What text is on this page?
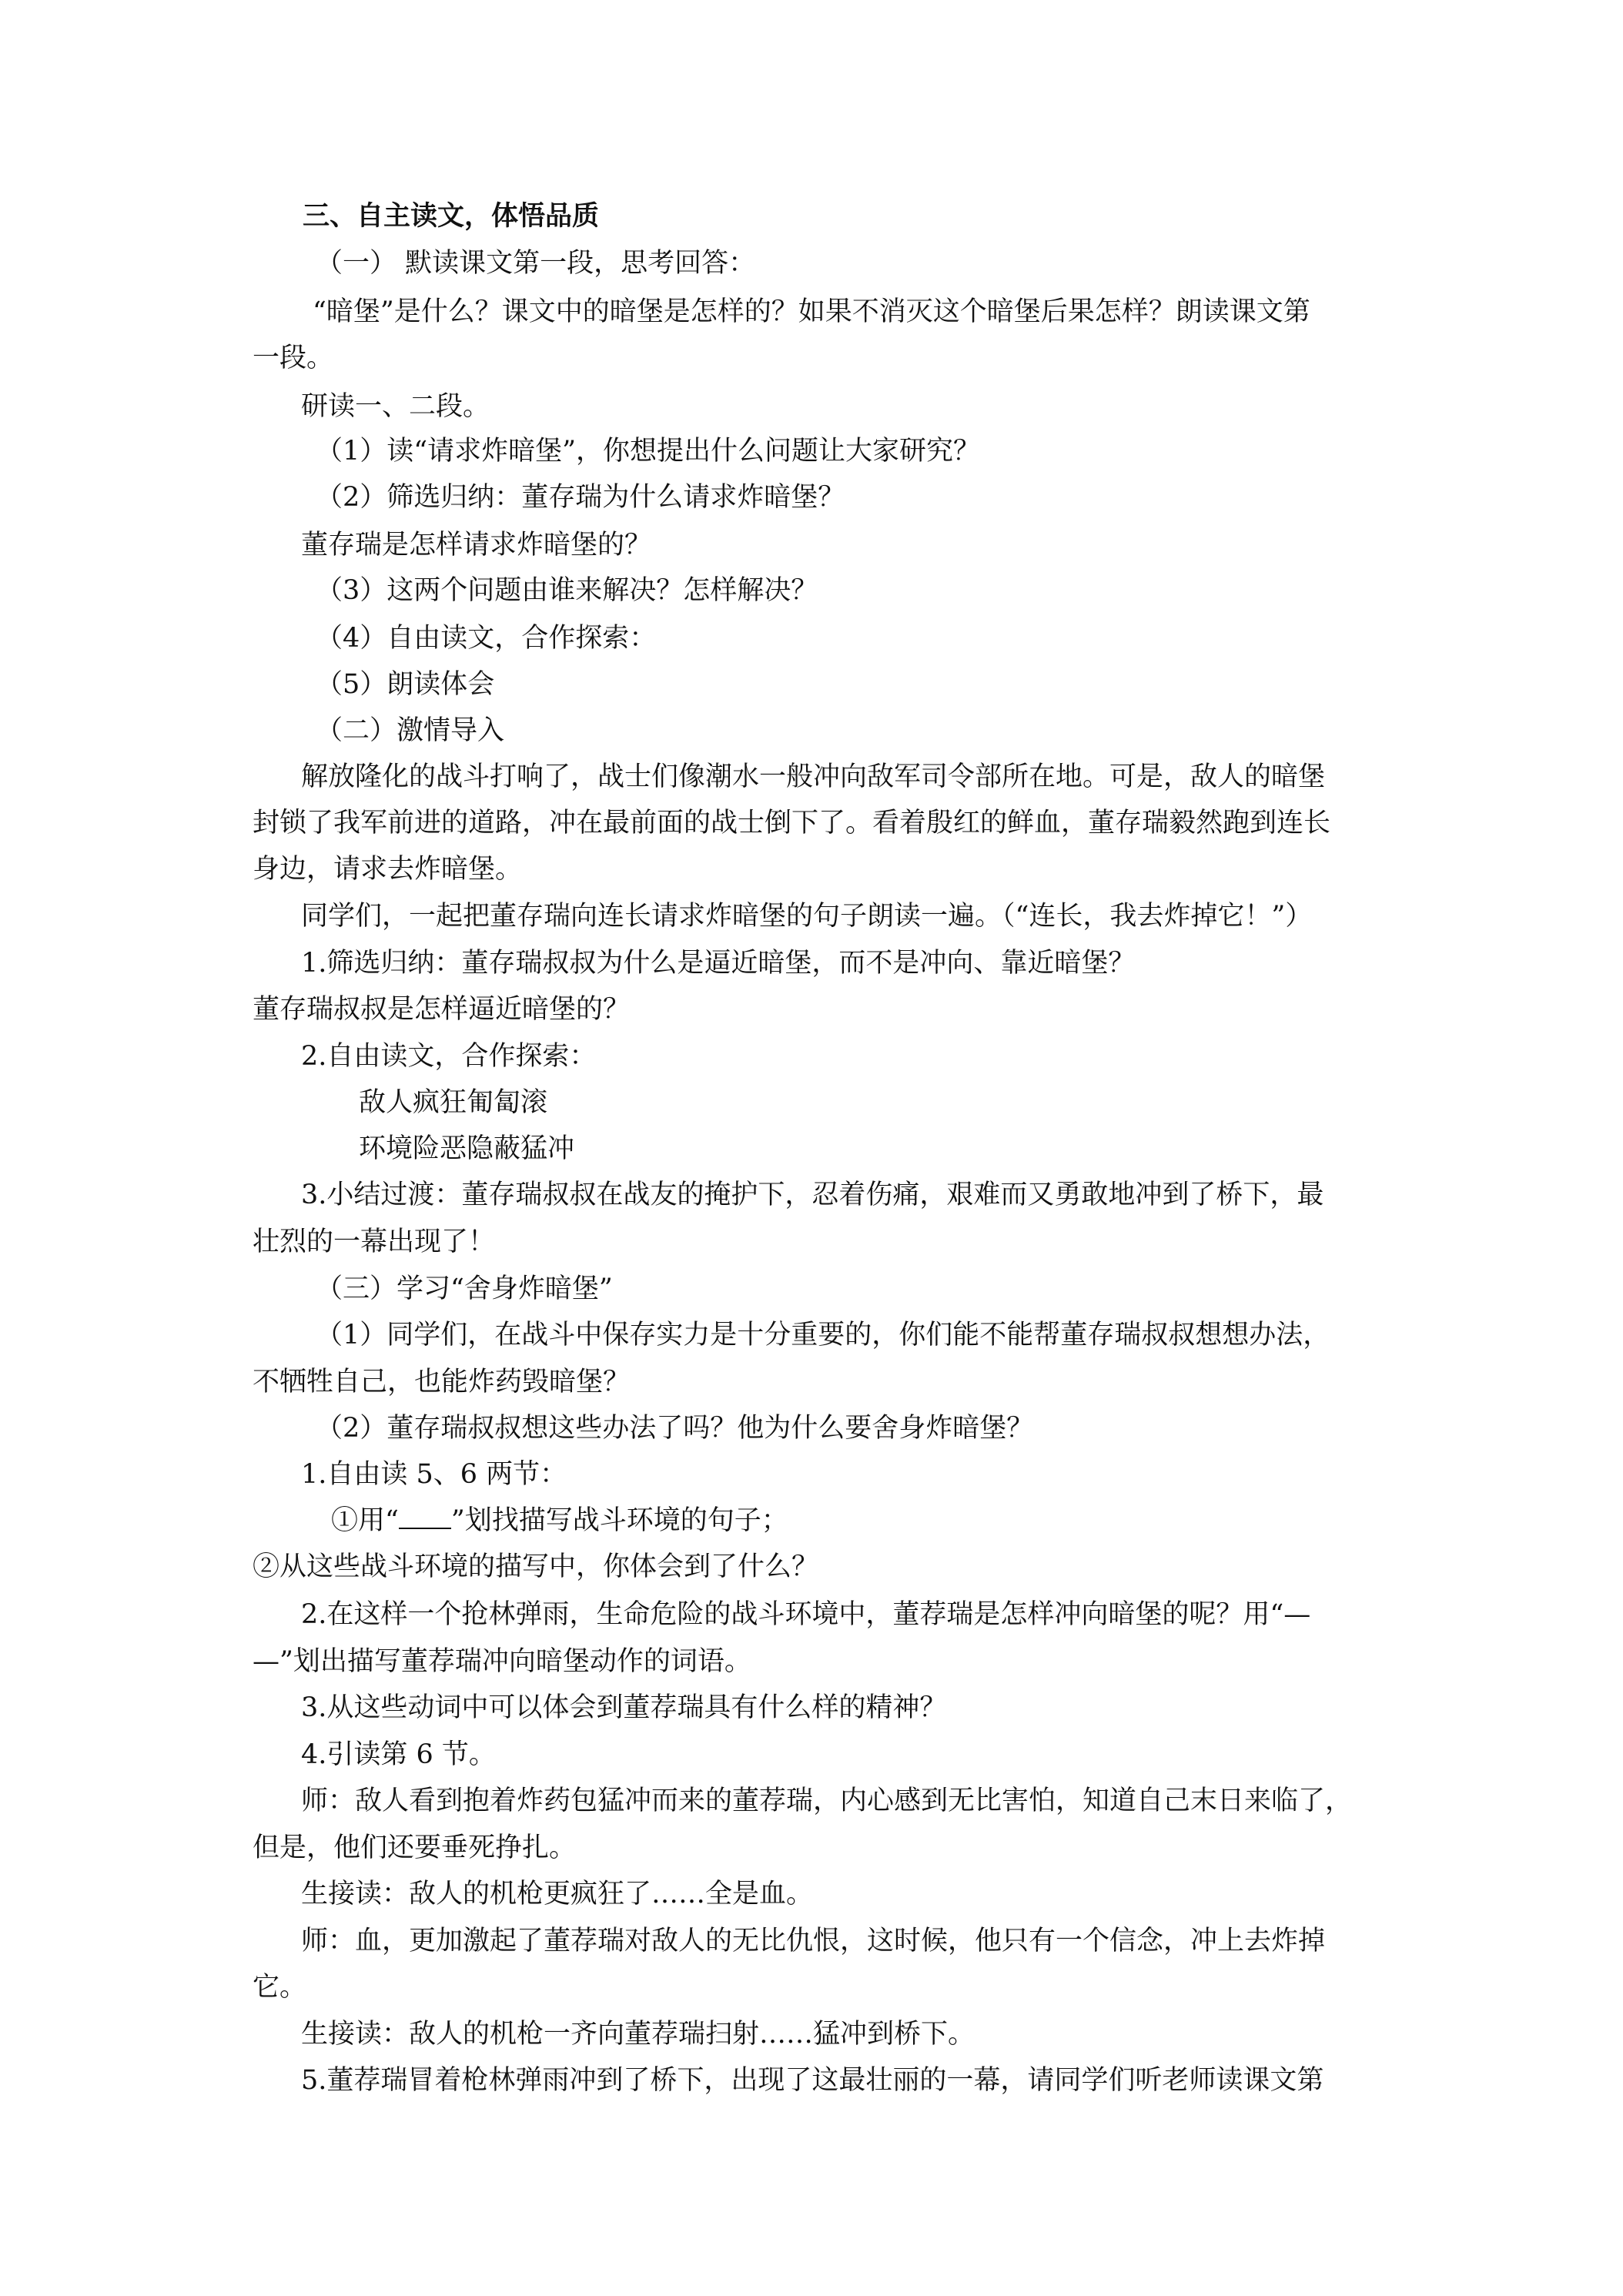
三、自主读文，体悟品质

（一） 默读课文第一段，思考回答：

“暗堡”是什么？课文中的暗堡是怎样的？如果不消灭这个暗堡后果怎样？朗读课文第

一段。

研读一、二段。

（1）读“请求炸暗堡”，你想提出什么问题让大家研究？

（2）筛选归纳：董存瑞为什么请求炸暗堡？

董存瑞是怎样请求炸暗堡的？

（3）这两个问题由谁来解决？怎样解决？

（4）自由读文，合作探索：

（5）朗读体会

（二）激情导入

解放隆化的战斗打响了，战士们像潮水一般冲向敌军司令部所在地。可是，敌人的暗堡

封锁了我军前进的道路，冲在最前面的战士倒下了。看着殷红的鲜血，董存瑞毅然跑到连长

身边，请求去炸暗堡。

同学们，一起把董存瑞向连长请求炸暗堡的句子朗读一遍。（“连长，我去炸掉它！”）

1.筛选归纳：董存瑞叔叔为什么是逼近暗堡，而不是冲向、靠近暗堡？

董存瑞叔叔是怎样逼近暗堡的？

2.自由读文，合作探索：

敌人疯狂匍匐滚

环境险恶隐蔽猛冲

3.小结过渡：董存瑞叔叔在战友的掩护下，忍着伤痛，艰难而又勇敢地冲到了桥下，最

壮烈的一幕出现了！

（三）学习“舍身炸暗堡”

（1）同学们，在战斗中保存实力是十分重要的，你们能不能帮董存瑞叔叔想想办法，

不牺牲自己，也能炸药毁暗堡？

（2）董存瑞叔叔想这些办法了吗？他为什么要舍身炸暗堡？

1.自由读 5、6 两节：

①用“ ”划找描写战斗环境的句子；

②从这些战斗环境的描写中，你体会到了什么？

2.在这样一个抢林弹雨，生命危险的战斗环境中，董荐瑞是怎样冲向暗堡的呢？用“—

—”划出描写董荐瑞冲向暗堡动作的词语。

3.从这些动词中可以体会到董荐瑞具有什么样的精神？

4.引读第 6 节。

师：敌人看到抱着炸药包猛冲而来的董荐瑞，内心感到无比害怕，知道自己末日来临了，

但是，他们还要垂死挣扎。

生接读：敌人的机枪更疯狂了……全是血。

师：血，更加激起了董荐瑞对敌人的无比仇恨，这时候，他只有一个信念，冲上去炸掉

它。

生接读：敌人的机枪一齐向董荐瑞扫射……猛冲到桥下。

5.董荐瑞冒着枪林弹雨冲到了桥下，出现了这最壮丽的一幕，请同学们听老师读课文第
